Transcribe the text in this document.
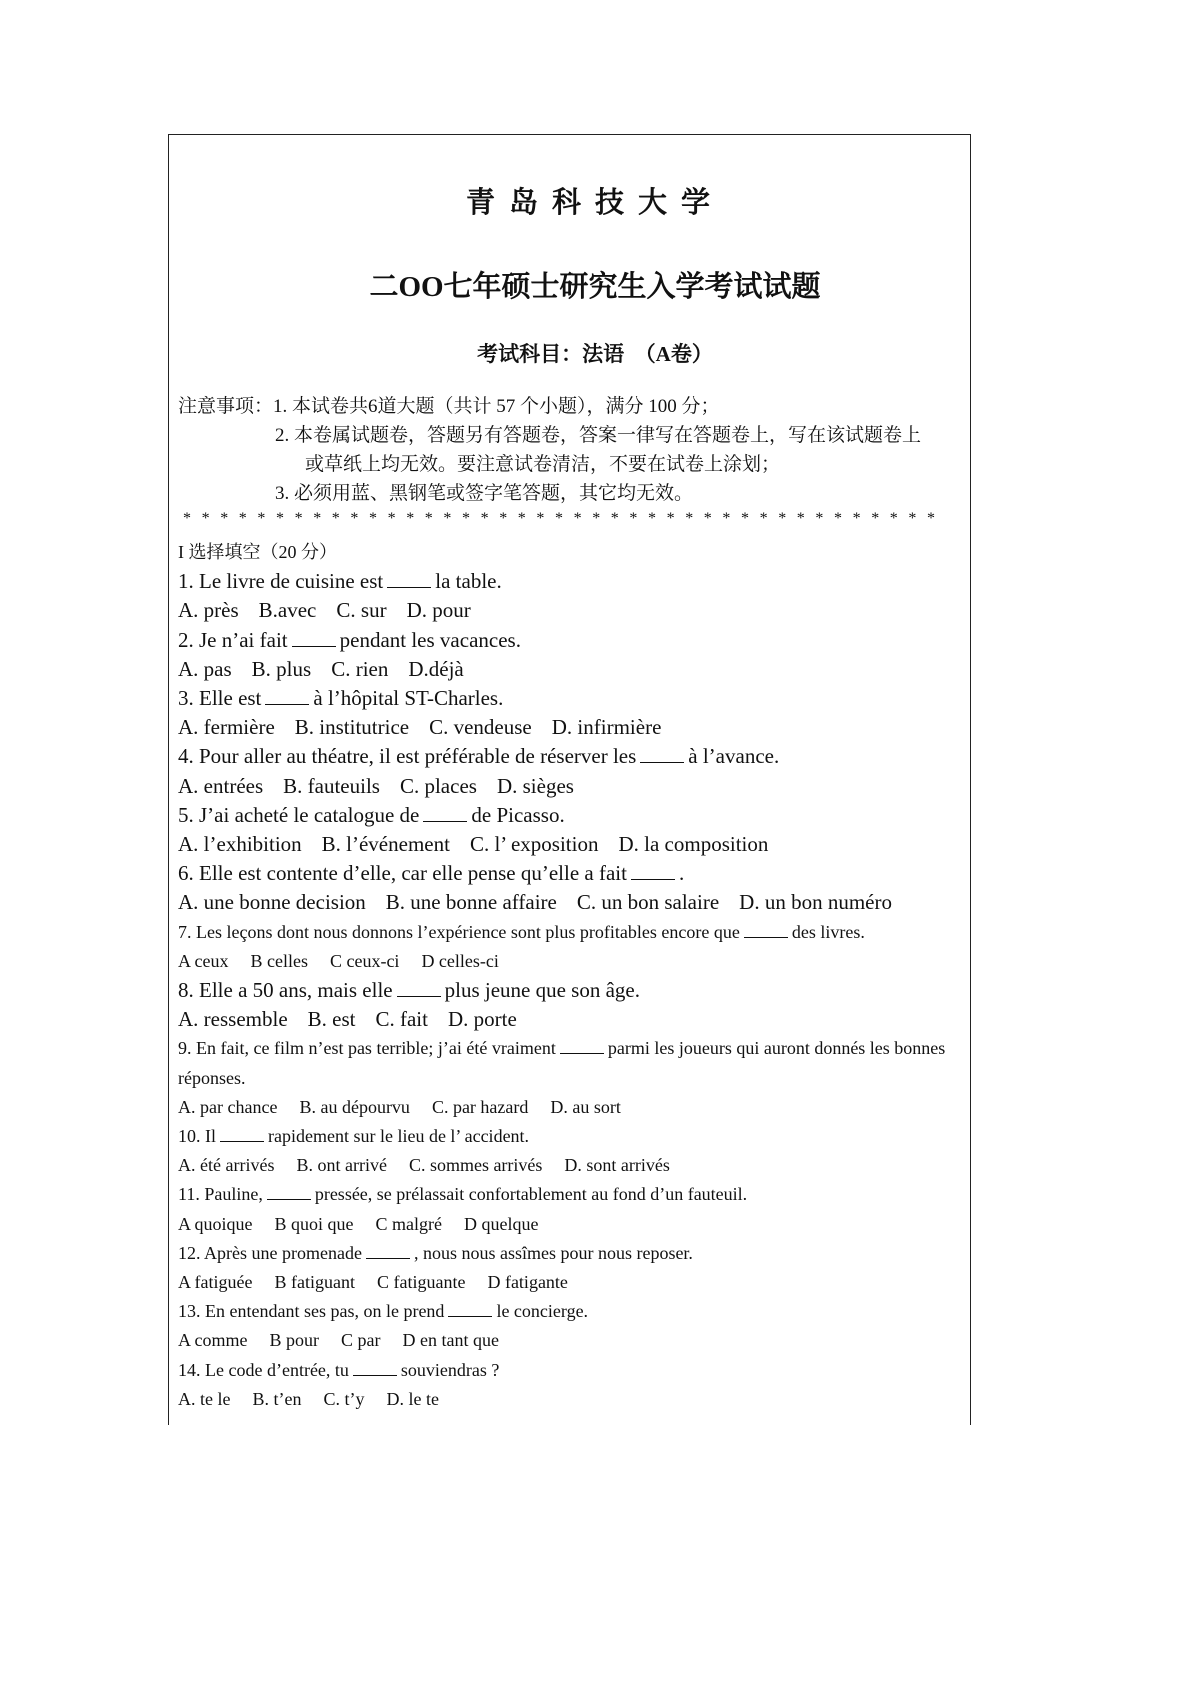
青岛科技大学
二OO七年硕士研究生入学考试试题
考试科目：法语　（A卷）
注意事项：1. 本试卷共6道大题（共计 57 个小题），满分 100 分；
2. 本卷属试题卷，答题另有答题卷，答案一律写在答题卷上，写在该试题卷上
或草纸上均无效。要注意试卷清洁，不要在试卷上涂划；
3. 必须用蓝、黑钢笔或签字笔答题，其它均无效。
* * * * * * * * * * * * * * * * * * * * * * * * * * * * * * * * * * * * * * * * *
I 选择填空（20 分）
1. Le livre de cuisine est la table.
A. près B.avec C. sur D. pour
2. Je n’ai fait pendant les vacances.
A. pas B. plus C. rien D.déjà
3. Elle est à l’hôpital ST-Charles.
A. fermière B. institutrice C. vendeuse D. infirmière
4. Pour aller au théatre, il est préférable de réserver les à l’avance.
A. entrées B. fauteuils C. places D. sièges
5. J’ai acheté le catalogue de de Picasso.
A. l’exhibition B. l’événement C. l’ exposition D. la composition
6. Elle est contente d’elle, car elle pense qu’elle a fait .
A. une bonne decision B. une bonne affaire C. un bon salaire D. un bon numéro
7. Les leçons dont nous donnons l’expérience sont plus profitables encore que	des livres.
A ceux B celles C ceux-ci D celles-ci
8. Elle a 50 ans, mais elle plus jeune que son âge.
A. ressemble B. est C. fait D. porte
9. En fait, ce film n’est pas terrible; j’ai été vraiment	parmi les joueurs qui auront donnés les bonnes réponses.
A. par chance B. au dépourvu C. par hazard D. au sort
10. Il	rapidement sur le lieu de l’ accident.
A. été arrivés B. ont arrivé C. sommes arrivés D. sont arrivés
11. Pauline,	pressée, se prélassait confortablement au fond d’un fauteuil.
A quoique B quoi que C malgré D quelque
12. Après une promenade	, nous nous assîmes pour nous reposer.
A fatiguée B fatiguant C fatiguante D fatigante
13. En entendant ses pas, on le prend	le concierge.
A comme B pour C par D en tant que
14. Le code d’entrée, tu	souviendras ?
A. te le B. t’en C. t’y D. le te
